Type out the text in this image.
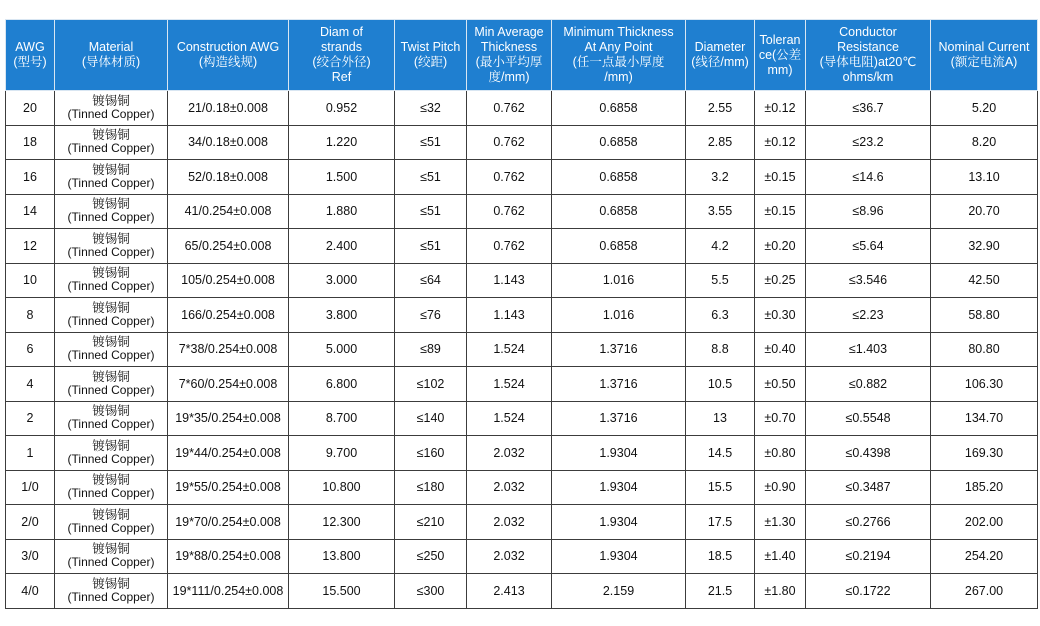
AWG
(型号)	Material
(导体材质)	Construction AWG
(构造线规)	Diam of
strands
(绞合外径)
Ref	Twist Pitch
(绞距)	Min Average
Thickness
(最小平均厚
度/mm)	Minimum Thickness
At Any Point
(任一点最小厚度
/mm)	Diameter
(线径/mm)	Toleran
ce(公差
mm)	Conductor
Resistance
(导体电阻)at20℃
ohms/km	Nominal Current
(额定电流A)
20	镀锡铜
(Tinned Copper)	21/0.18±0.008	0.952	≤32	0.762	0.6858	2.55	±0.12	≤36.7	5.20
18	镀锡铜
(Tinned Copper)	34/0.18±0.008	1.220	≤51	0.762	0.6858	2.85	±0.12	≤23.2	8.20
16	镀锡铜
(Tinned Copper)	52/0.18±0.008	1.500	≤51	0.762	0.6858	3.2	±0.15	≤14.6	13.10
14	镀锡铜
(Tinned Copper)	41/0.254±0.008	1.880	≤51	0.762	0.6858	3.55	±0.15	≤8.96	20.70
12	镀锡铜
(Tinned Copper)	65/0.254±0.008	2.400	≤51	0.762	0.6858	4.2	±0.20	≤5.64	32.90
10	镀锡铜
(Tinned Copper)	105/0.254±0.008	3.000	≤64	1.143	1.016	5.5	±0.25	≤3.546	42.50
8	镀锡铜
(Tinned Copper)	166/0.254±0.008	3.800	≤76	1.143	1.016	6.3	±0.30	≤2.23	58.80
6	镀锡铜
(Tinned Copper)	7*38/0.254±0.008	5.000	≤89	1.524	1.3716	8.8	±0.40	≤1.403	80.80
4	镀锡铜
(Tinned Copper)	7*60/0.254±0.008	6.800	≤102	1.524	1.3716	10.5	±0.50	≤0.882	106.30
2	镀锡铜
(Tinned Copper)	19*35/0.254±0.008	8.700	≤140	1.524	1.3716	13	±0.70	≤0.5548	134.70
1	镀锡铜
(Tinned Copper)	19*44/0.254±0.008	9.700	≤160	2.032	1.9304	14.5	±0.80	≤0.4398	169.30
1/0	镀锡铜
(Tinned Copper)	19*55/0.254±0.008	10.800	≤180	2.032	1.9304	15.5	±0.90	≤0.3487	185.20
2/0	镀锡铜
(Tinned Copper)	19*70/0.254±0.008	12.300	≤210	2.032	1.9304	17.5	±1.30	≤0.2766	202.00
3/0	镀锡铜
(Tinned Copper)	19*88/0.254±0.008	13.800	≤250	2.032	1.9304	18.5	±1.40	≤0.2194	254.20
4/0	镀锡铜
(Tinned Copper)	19*111/0.254±0.008	15.500	≤300	2.413	2.159	21.5	±1.80	≤0.1722	267.00
